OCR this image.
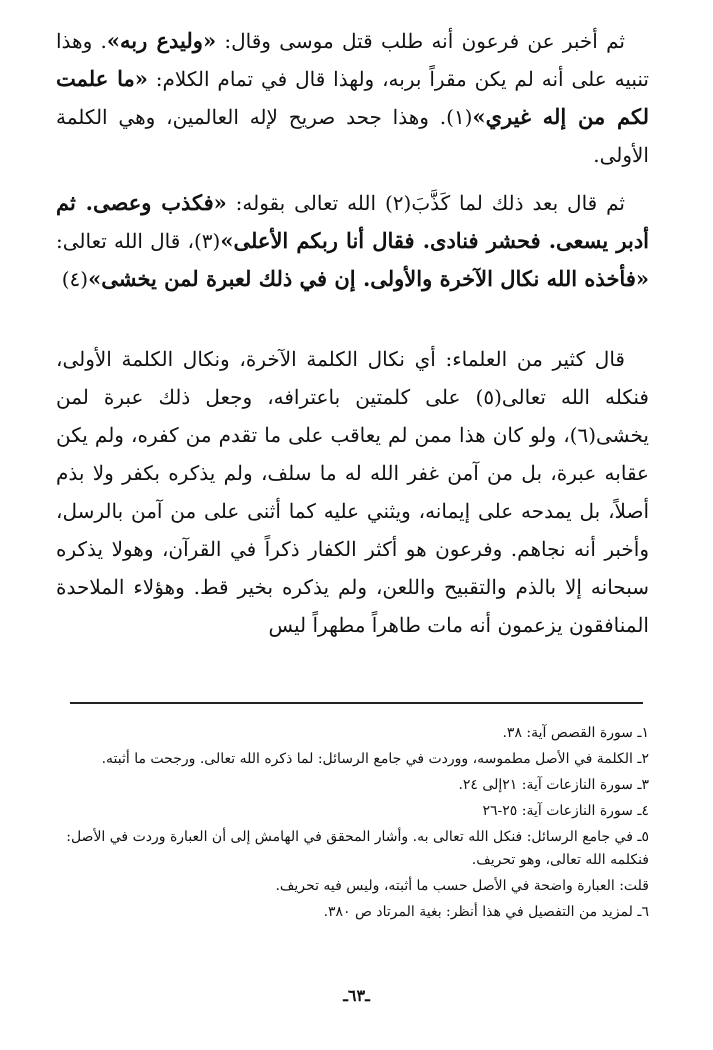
ثم أخبر عن فرعون أنه طلب قتل موسى وقال: «وليدع ربه». وهذا تنبيه على أنه لم يكن مقراً بربه، ولهذا قال في تمام الكلام: «ما علمت لكم من إله غيري»(١). وهذا جحد صريح لإله العالمين، وهي الكلمة الأولى.

ثم قال بعد ذلك لما كَذَّبَ(٢) الله تعالى بقوله: «فكذب وعصى. ثم أدبر يسعى. فحشر فنادى. فقال أنا ربكم الأعلى»(٣)، قال الله تعالى: «فأخذه الله نكال الآخرة والأولى. إن في ذلك لعبرة لمن يخشى»(٤)

قال كثير من العلماء: أي نكال الكلمة الآخرة، ونكال الكلمة الأولى، فنكله الله تعالى(٥) على كلمتين باعترافه، وجعل ذلك عبرة لمن يخشى(٦)، ولو كان هذا ممن لم يعاقب على ما تقدم من كفره، ولم يكن عقابه عبرة، بل من آمن غفر الله له ما سلف، ولم يذكره بكفر ولا بذم أصلاً، بل يمدحه على إيمانه، ويثني عليه كما أثنى على من آمن بالرسل، وأخبر أنه نجاهم. وفرعون هو أكثر الكفار ذكراً في القرآن، وهولا يذكره سبحانه إلا بالذم والتقبيح واللعن، ولم يذكره بخير قط. وهؤلاء الملاحدة المنافقون يزعمون أنه مات طاهراً مطهراً ليس

١ـ سورة القصص آية: ٣٨.

٢ـ الكلمة في الأصل مطموسه، ووردت في جامع الرسائل: لما ذكره الله تعالى. ورجحت ما أثبته.

٣ـ سورة النازعات آية: ٢١إلى ٢٤.

٤ـ سورة النازعات آية: ٢٥-٢٦

٥ـ في جامع الرسائل: فنكل الله تعالى به. وأشار المحقق في الهامش إلى أن العبارة وردت في الأصل: فنكلمه الله تعالى، وهو تحريف.

قلت: العبارة واضحة في الأصل حسب ما أثبته، وليس فيه تحريف.

٦ـ لمزيد من التفصيل في هذا أنظر: بغية المرتاد ص ٣٨٠.

ـ٦٣ـ
